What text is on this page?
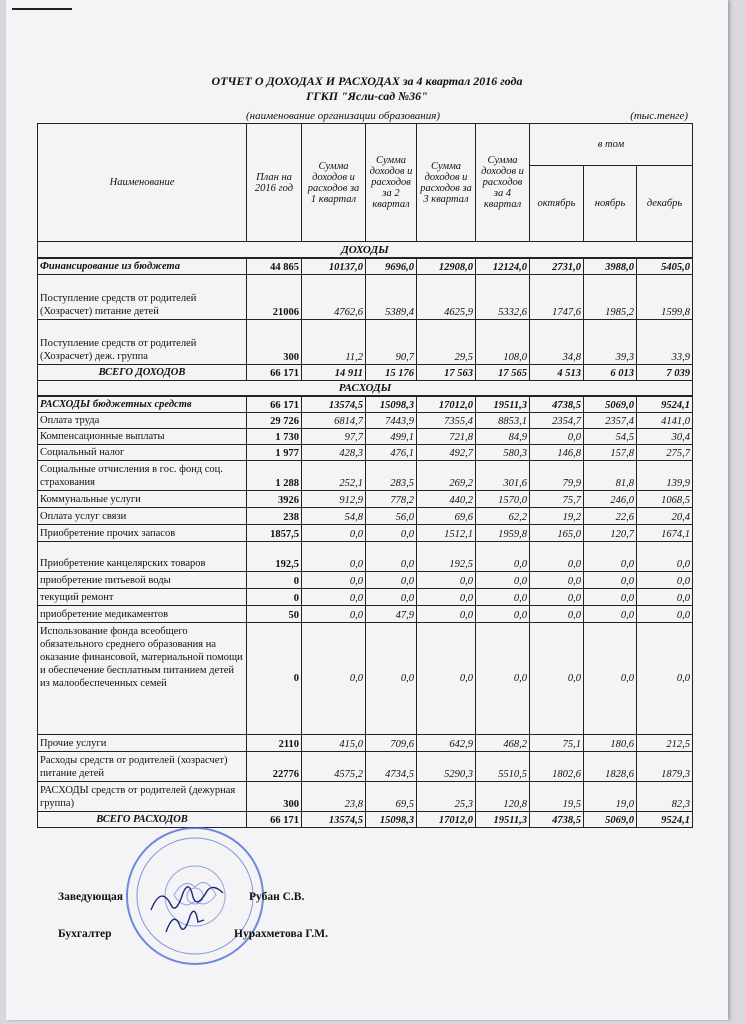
ОТЧЕТ О ДОХОДАХ И РАСХОДАХ за 4 квартал 2016 года
ГГКП "Ясли-сад №36"
(наименование организации образования)	(тыс.тенге)
Наименование	План на 2016 год	Сумма доходов и расходов за 1 квартал	Сумма доходов и расходов за 2 квартал	Сумма доходов и расходов за 3 квартал	Сумма доходов и расходов за 4 квартал	в том		
						октябрь	ноябрь	декабрь
ДОХОДЫ								
Финансирование из бюджета	44 865	10137,0	9696,0	12908,0	12124,0	2731,0	3988,0	5405,0
Поступление средств от родителей (Хозрасчет) питание детей	21006	4762,6	5389,4	4625,9	5332,6	1747,6	1985,2	1599,8
Поступление средств от родителей (Хозрасчет) деж. группа	300	11,2	90,7	29,5	108,0	34,8	39,3	33,9
ВСЕГО ДОХОДОВ	66 171	14 911	15 176	17 563	17 565	4 513	6 013	7 039
РАСХОДЫ								
РАСХОДЫ бюджетных средств	66 171	13574,5	15098,3	17012,0	19511,3	4738,5	5069,0	9524,1
Оплата труда	29 726	6814,7	7443,9	7355,4	8853,1	2354,7	2357,4	4141,0
Компенсационные выплаты	1 730	97,7	499,1	721,8	84,9	0,0	54,5	30,4
Социальный налог	1 977	428,3	476,1	492,7	580,3	146,8	157,8	275,7
Социальные отчисления в гос. фонд соц. страхования	1 288	252,1	283,5	269,2	301,6	79,9	81,8	139,9
Коммунальные услуги	3926	912,9	778,2	440,2	1570,0	75,7	246,0	1068,5
Оплата услуг связи	238	54,8	56,0	69,6	62,2	19,2	22,6	20,4
Приобретение прочих запасов	1857,5	0,0	0,0	1512,1	1959,8	165,0	120,7	1674,1
Приобретение канцелярских товаров	192,5	0,0	0,0	192,5	0,0	0,0	0,0	0,0
приобретение питьевой воды	0	0,0	0,0	0,0	0,0	0,0	0,0	0,0
текущий ремонт	0	0,0	0,0	0,0	0,0	0,0	0,0	0,0
приобретение медикаментов	50	0,0	47,9	0,0	0,0	0,0	0,0	0,0
Использование фонда всеобщего обязательного среднего образования на оказание финансовой, материальной помощи и обеспечение бесплатным питанием детей из малообеспеченных семей	0	0,0	0,0	0,0	0,0	0,0	0,0	0,0
Прочие услуги	2110	415,0	709,6	642,9	468,2	75,1	180,6	212,5
Расходы средств от родителей (хозрасчет) питание детей	22776	4575,2	4734,5	5290,3	5510,5	1802,6	1828,6	1879,3
РАСХОДЫ средств от родителей (дежурная группа)	300	23,8	69,5	25,3	120,8	19,5	19,0	82,3
ВСЕГО РАСХОДОВ	66 171	13574,5	15098,3	17012,0	19511,3	4738,5	5069,0	9524,1
Заведующая	Рубан С.В.
Бухгалтер	Нурахметова Г.М.
